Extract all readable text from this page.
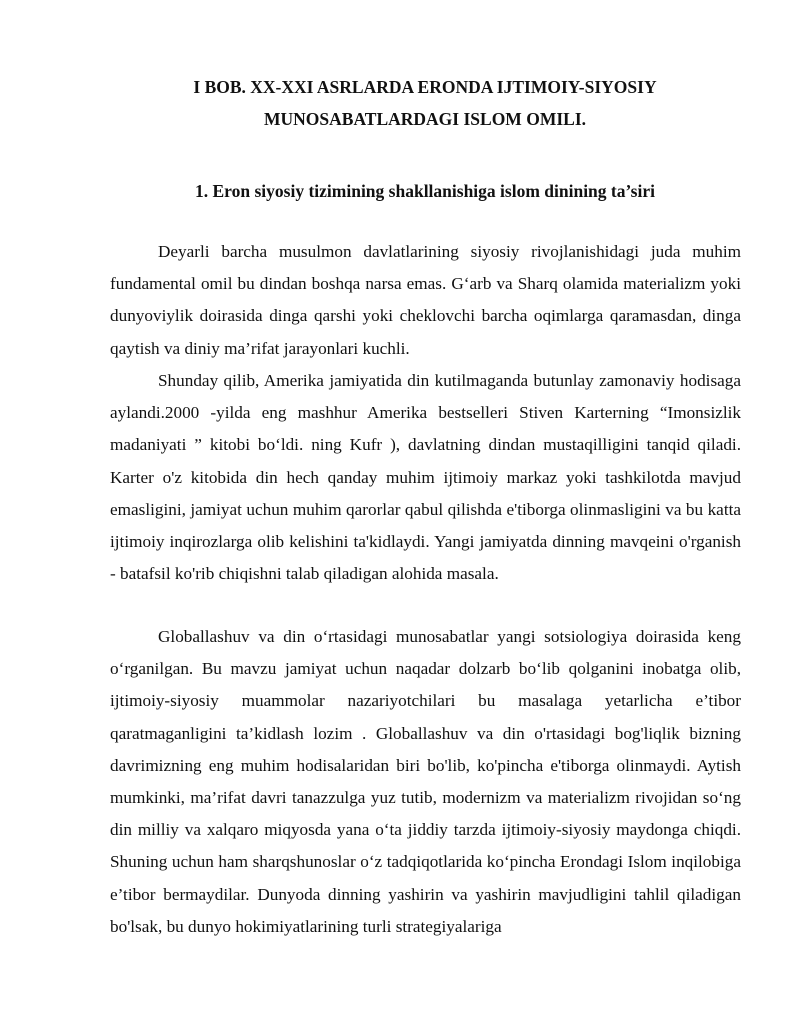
I BOB. XX-XXI ASRLARDA ERONDA IJTIMOIY-SIYOSIY
MUNOSABATLARDAGI ISLOM OMILI.
1. Eron siyosiy tizimining shakllanishiga islom dinining ta’siri

Deyarli barcha musulmon davlatlarining siyosiy rivojlanishidagi juda muhim fundamental omil bu dindan boshqa narsa emas. G‘arb va Sharq olamida materializm yoki dunyoviylik doirasida dinga qarshi yoki cheklovchi barcha oqimlarga qaramasdan, dinga qaytish va diniy ma’rifat jarayonlari kuchli.

Shunday qilib, Amerika jamiyatida din kutilmaganda butunlay zamonaviy hodisaga aylandi.2000 -yilda eng mashhur Amerika bestselleri Stiven Karterning “Imonsizlik madaniyati ” kitobi bo‘ldi. ning Kufr ), davlatning dindan mustaqilligini tanqid qiladi. Karter o'z kitobida din hech qanday muhim ijtimoiy markaz yoki tashkilotda mavjud emasligini, jamiyat uchun muhim qarorlar qabul qilishda e'tiborga olinmasligini va bu katta ijtimoiy inqirozlarga olib kelishini ta'kidlaydi. Yangi jamiyatda dinning mavqeini o'rganish - batafsil ko'rib chiqishni talab qiladigan alohida masala.

Globallashuv va din o‘rtasidagi munosabatlar yangi sotsiologiya doirasida keng o‘rganilgan. Bu mavzu jamiyat uchun naqadar dolzarb bo‘lib qolganini inobatga olib, ijtimoiy-siyosiy muammolar nazariyotchilari bu masalaga yetarlicha e’tibor qaratmaganligini ta’kidlash lozim . Globallashuv va din o'rtasidagi bog'liqlik bizning davrimizning eng muhim hodisalaridan biri bo'lib, ko'pincha e'tiborga olinmaydi. Aytish mumkinki, ma’rifat davri tanazzulga yuz tutib, modernizm va materializm rivojidan so‘ng din milliy va xalqaro miqyosda yana o‘ta jiddiy tarzda ijtimoiy-siyosiy maydonga chiqdi. Shuning uchun ham sharqshunoslar o‘z tadqiqotlarida ko‘pincha Erondagi Islom inqilobiga e’tibor bermaydilar. Dunyoda dinning yashirin va yashirin mavjudligini tahlil qiladigan bo'lsak, bu dunyo hokimiyatlarining turli strategiyalariga
